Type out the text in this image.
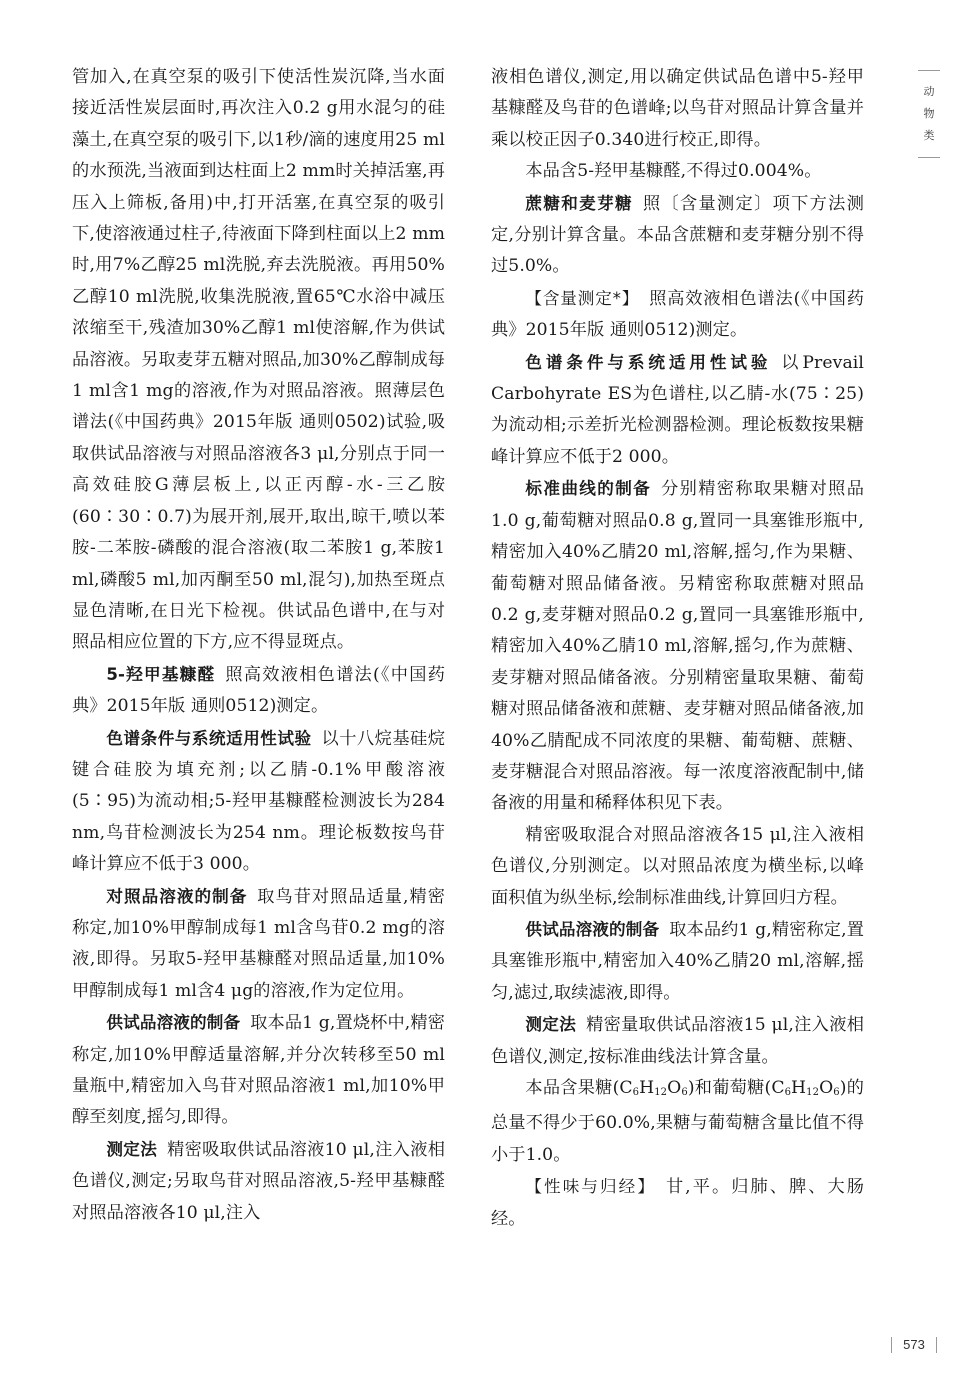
管加入,在真空泵的吸引下使活性炭沉降,当水面接近活性炭层面时,再次注入0.2 g用水混匀的硅藻土,在真空泵的吸引下,以1秒/滴的速度用25 ml的水预洗,当液面到达柱面上2 mm时关掉活塞,再压入上筛板,备用)中,打开活塞,在真空泵的吸引下,使溶液通过柱子,待液面下降到柱面以上2 mm时,用7%乙醇25 ml洗脱,弃去洗脱液。再用50%乙醇10 ml洗脱,收集洗脱液,置65℃水浴中减压浓缩至干,残渣加30%乙醇1 ml使溶解,作为供试品溶液。另取麦芽五糖对照品,加30%乙醇制成每1 ml含1 mg的溶液,作为对照品溶液。照薄层色谱法(《中国药典》2015年版 通则0502)试验,吸取供试品溶液与对照品溶液各3 μl,分别点于同一高效硅胶G薄层板上,以正丙醇-水-三乙胺(60∶30∶0.7)为展开剂,展开,取出,晾干,喷以苯胺-二苯胺-磷酸的混合溶液(取二苯胺1 g,苯胺1 ml,磷酸5 ml,加丙酮至50 ml,混匀),加热至斑点显色清晰,在日光下检视。供试品色谱中,在与对照品相应位置的下方,应不得显斑点。

5-羟甲基糠醛 照高效液相色谱法(《中国药典》2015年版 通则0512)测定。

色谱条件与系统适用性试验 以十八烷基硅烷键合硅胶为填充剂;以乙腈-0.1%甲酸溶液(5∶95)为流动相;5-羟甲基糠醛检测波长为284 nm,鸟苷检测波长为254 nm。理论板数按鸟苷峰计算应不低于3 000。

对照品溶液的制备 取鸟苷对照品适量,精密称定,加10%甲醇制成每1 ml含鸟苷0.2 mg的溶液,即得。另取5-羟甲基糠醛对照品适量,加10%甲醇制成每1 ml含4 μg的溶液,作为定位用。

供试品溶液的制备 取本品1 g,置烧杯中,精密称定,加10%甲醇适量溶解,并分次转移至50 ml量瓶中,精密加入鸟苷对照品溶液1 ml,加10%甲醇至刻度,摇匀,即得。

测定法 精密吸取供试品溶液10 μl,注入液相色谱仪,测定;另取鸟苷对照品溶液,5-羟甲基糠醛对照品溶液各10 μl,注入

液相色谱仪,测定,用以确定供试品色谱中5-羟甲基糠醛及鸟苷的色谱峰;以鸟苷对照品计算含量并乘以校正因子0.340进行校正,即得。

本品含5-羟甲基糠醛,不得过0.004%。

蔗糖和麦芽糖 照〔含量测定〕项下方法测定,分别计算含量。本品含蔗糖和麦芽糖分别不得过5.0%。

【含量测定*】 照高效液相色谱法(《中国药典》2015年版 通则0512)测定。

色谱条件与系统适用性试验 以Prevail Carbohyrate ES为色谱柱,以乙腈-水(75∶25)为流动相;示差折光检测器检测。理论板数按果糖峰计算应不低于2 000。

标准曲线的制备 分别精密称取果糖对照品1.0 g,葡萄糖对照品0.8 g,置同一具塞锥形瓶中,精密加入40%乙腈20 ml,溶解,摇匀,作为果糖、葡萄糖对照品储备液。另精密称取蔗糖对照品0.2 g,麦芽糖对照品0.2 g,置同一具塞锥形瓶中,精密加入40%乙腈10 ml,溶解,摇匀,作为蔗糖、麦芽糖对照品储备液。分别精密量取果糖、葡萄糖对照品储备液和蔗糖、麦芽糖对照品储备液,加40%乙腈配成不同浓度的果糖、葡萄糖、蔗糖、麦芽糖混合对照品溶液。每一浓度溶液配制中,储备液的用量和稀释体积见下表。

精密吸取混合对照品溶液各15 μl,注入液相色谱仪,分别测定。以对照品浓度为横坐标,以峰面积值为纵坐标,绘制标准曲线,计算回归方程。

供试品溶液的制备 取本品约1 g,精密称定,置具塞锥形瓶中,精密加入40%乙腈20 ml,溶解,摇匀,滤过,取续滤液,即得。

测定法 精密量取供试品溶液15 μl,注入液相色谱仪,测定,按标准曲线法计算含量。

本品含果糖$(C_6H_{12}O_6)$和葡萄糖$(C_6H_{12}O_6)$的总量不得少于60.0%,果糖与葡萄糖含量比值不得小于1.0。

【性味与归经】 甘,平。归肺、脾、大肠经。

动
物
类
573
